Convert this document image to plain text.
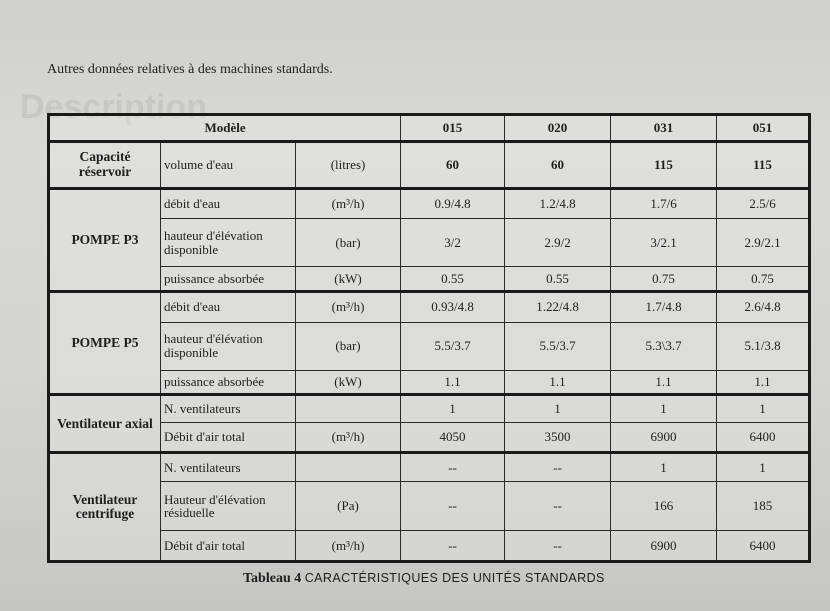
Description
Autres données relatives à des machines standards.
Modèle			015	020	031	051
Capacité réservoir	volume d'eau	(litres)	60	60	115	115
POMPE P3	débit d'eau	(m³/h)	0.9/4.8	1.2/4.8	1.7/6	2.5/6
	hauteur d'élévation disponible	(bar)	3/2	2.9/2	3/2.1	2.9/2.1
	puissance absorbée	(kW)	0.55	0.55	0.75	0.75
POMPE P5	débit d'eau	(m³/h)	0.93/4.8	1.22/4.8	1.7/4.8	2.6/4.8
	hauteur d'élévation disponible	(bar)	5.5/3.7	5.5/3.7	5.3\3.7	5.1/3.8
	puissance absorbée	(kW)	1.1	1.1	1.1	1.1
Ventilateur axial	N. ventilateurs		1	1	1	1
	Débit d'air total	(m³/h)	4050	3500	6900	6400
Ventilateur centrifuge	N. ventilateurs		--	--	1	1
	Hauteur d'élévation résiduelle	(Pa)	--	--	166	185
	Débit d'air total	(m³/h)	--	--	6900	6400
Tableau 4 CARACTÉRISTIQUES DES UNITÉS STANDARDS
